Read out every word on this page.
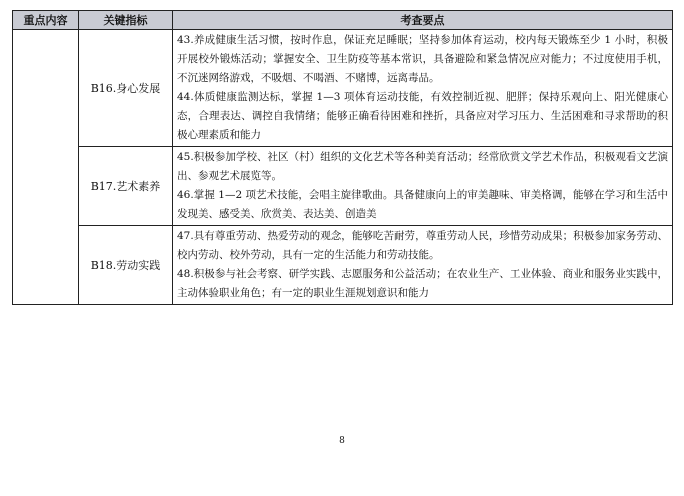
重点内容	关键指标	考查要点
	B16.身心发展	43.养成健康生活习惯，按时作息，保证充足睡眠；坚持参加体育运动，校内每天锻炼至少 1 小时，积极开展校外锻炼活动；掌握安全、卫生防疫等基本常识，具备避险和紧急情况应对能力；不过度使用手机，不沉迷网络游戏，不吸烟、不喝酒、不赌博，远离毒品。

44.体质健康监测达标，掌握 1—3 项体育运动技能，有效控制近视、肥胖；保持乐观向上、阳光健康心态，合理表达、调控自我情绪；能够正确看待困难和挫折，具备应对学习压力、生活困难和寻求帮助的积极心理素质和能力

	B17.艺术素养	45.积极参加学校、社区（村）组织的文化艺术等各种美育活动；经常欣赏文学艺术作品，积极观看文艺演出、参观艺术展览等。

46.掌握 1—2 项艺术技能，会唱主旋律歌曲。具备健康向上的审美趣味、审美格调，能够在学习和生活中发现美、感受美、欣赏美、表达美、创造美

	B18.劳动实践	47.具有尊重劳动、热爱劳动的观念，能够吃苦耐劳，尊重劳动人民，珍惜劳动成果；积极参加家务劳动、校内劳动、校外劳动，具有一定的生活能力和劳动技能。

48.积极参与社会考察、研学实践、志愿服务和公益活动；在农业生产、工业体验、商业和服务业实践中，主动体验职业角色；有一定的职业生涯规划意识和能力

8
